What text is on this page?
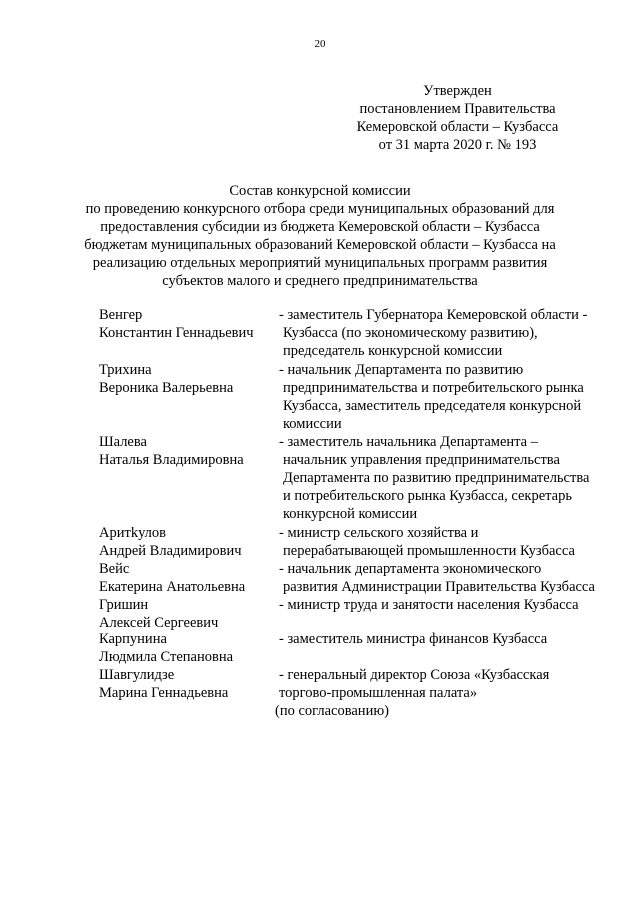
20
Утвержден
постановлением Правительства
Кемеровской области – Кузбасса
от 31 марта 2020 г. № 193
Состав конкурсной комиссии
по проведению конкурсного отбора среди муниципальных образований для
предоставления субсидии из бюджета Кемеровской области – Кузбасса
бюджетам муниципальных образований Кемеровской области – Кузбасса на
реализацию отдельных мероприятий муниципальных программ развития
субъектов малого и среднего предпринимательства
Венгер
Константин Геннадьевич
- заместитель Губернатора Кемеровской области -
Кузбасса (по экономическому развитию),
председатель конкурсной комиссии
Трихина
Вероника Валерьевна
- начальник Департамента по развитию
предпринимательства и потребительского рынка
Кузбасса, заместитель председателя конкурсной
комиссии
Шалева
Наталья Владимировна
- заместитель начальника Департамента –
начальник управления предпринимательства
Департамента по развитию предпринимательства
и потребительского рынка Кузбасса, секретарь
конкурсной комиссии
Аритkулов
Андрей Владимирович
- министр сельского хозяйства и
перерабатывающей промышленности Кузбасса
Вейс
Екатерина Анатольевна
- начальник департамента экономического
развития Администрации Правительства Кузбасса
Гришин
Алексей Сергеевич
- министр труда и занятости населения Кузбасса
Карпунина
Людмила Степановна
- заместитель министра финансов Кузбасса
Шавгулидзе
Марина Геннадьевна
- генеральный директор Союза «Кузбасская
торгово-промышленная палата»
(по согласованию)
